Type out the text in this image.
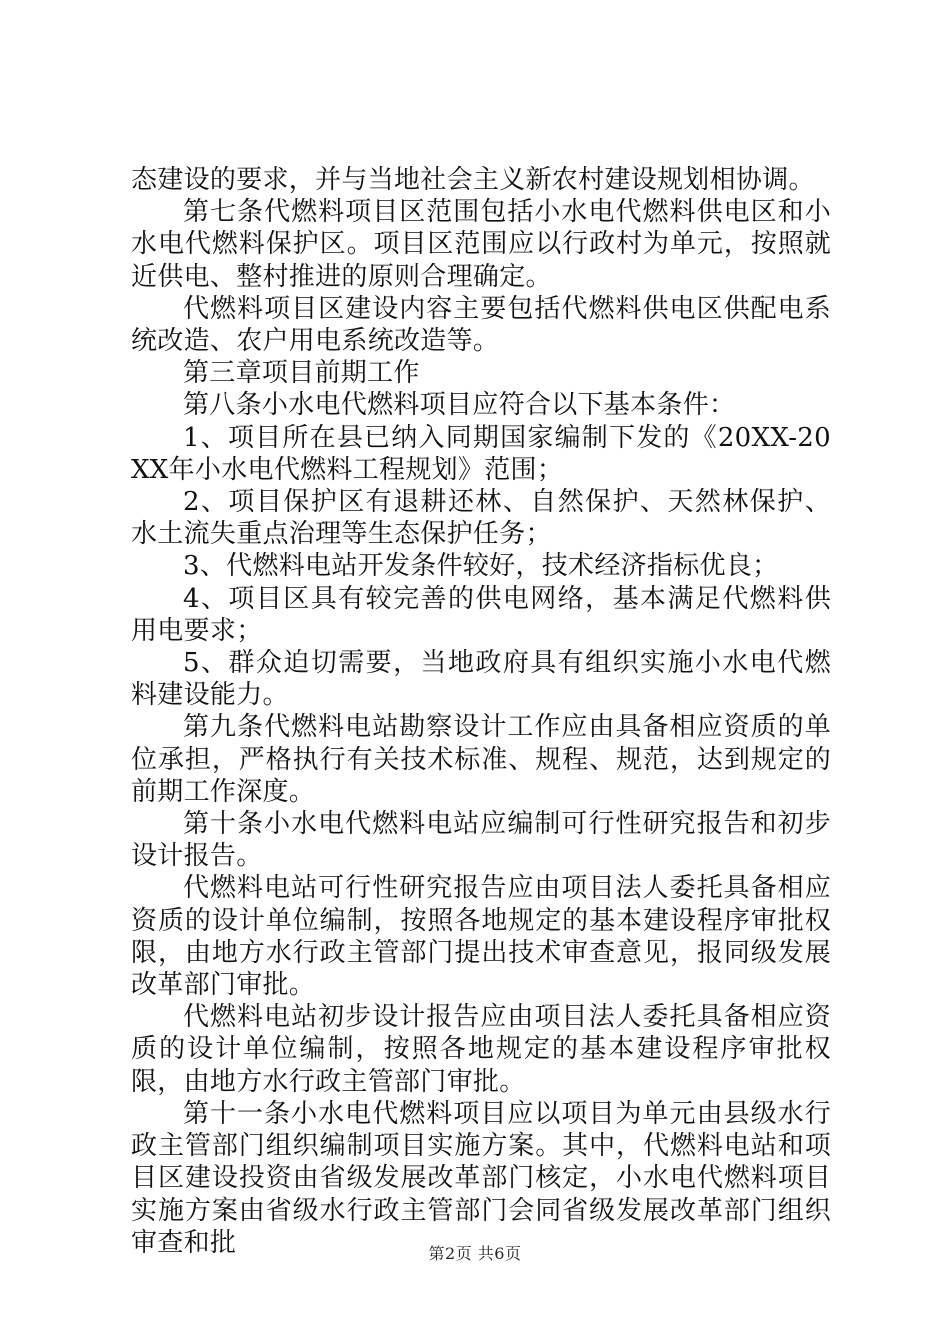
态建设的要求，并与当地社会主义新农村建设规划相协调。

第七条代燃料项目区范围包括小水电代燃料供电区和小水电代燃料保护区。项目区范围应以行政村为单元，按照就近供电、整村推进的原则合理确定。

代燃料项目区建设内容主要包括代燃料供电区供配电系统改造、农户用电系统改造等。

第三章项目前期工作

第八条小水电代燃料项目应符合以下基本条件：

1、项目所在县已纳入同期国家编制下发的《20XX-20XX年小水电代燃料工程规划》范围；

2、项目保护区有退耕还林、自然保护、天然林保护、水土流失重点治理等生态保护任务；

3、代燃料电站开发条件较好，技术经济指标优良；

4、项目区具有较完善的供电网络，基本满足代燃料供用电要求；

5、群众迫切需要，当地政府具有组织实施小水电代燃料建设能力。

第九条代燃料电站勘察设计工作应由具备相应资质的单位承担，严格执行有关技术标准、规程、规范，达到规定的前期工作深度。

第十条小水电代燃料电站应编制可行性研究报告和初步设计报告。

代燃料电站可行性研究报告应由项目法人委托具备相应资质的设计单位编制，按照各地规定的基本建设程序审批权限，由地方水行政主管部门提出技术审查意见，报同级发展改革部门审批。

代燃料电站初步设计报告应由项目法人委托具备相应资质的设计单位编制，按照各地规定的基本建设程序审批权限，由地方水行政主管部门审批。

第十一条小水电代燃料项目应以项目为单元由县级水行政主管部门组织编制项目实施方案。其中，代燃料电站和项目区建设投资由省级发展改革部门核定，小水电代燃料项目实施方案由省级水行政主管部门会同省级发展改革部门组织审查和批	第2页 共6页
